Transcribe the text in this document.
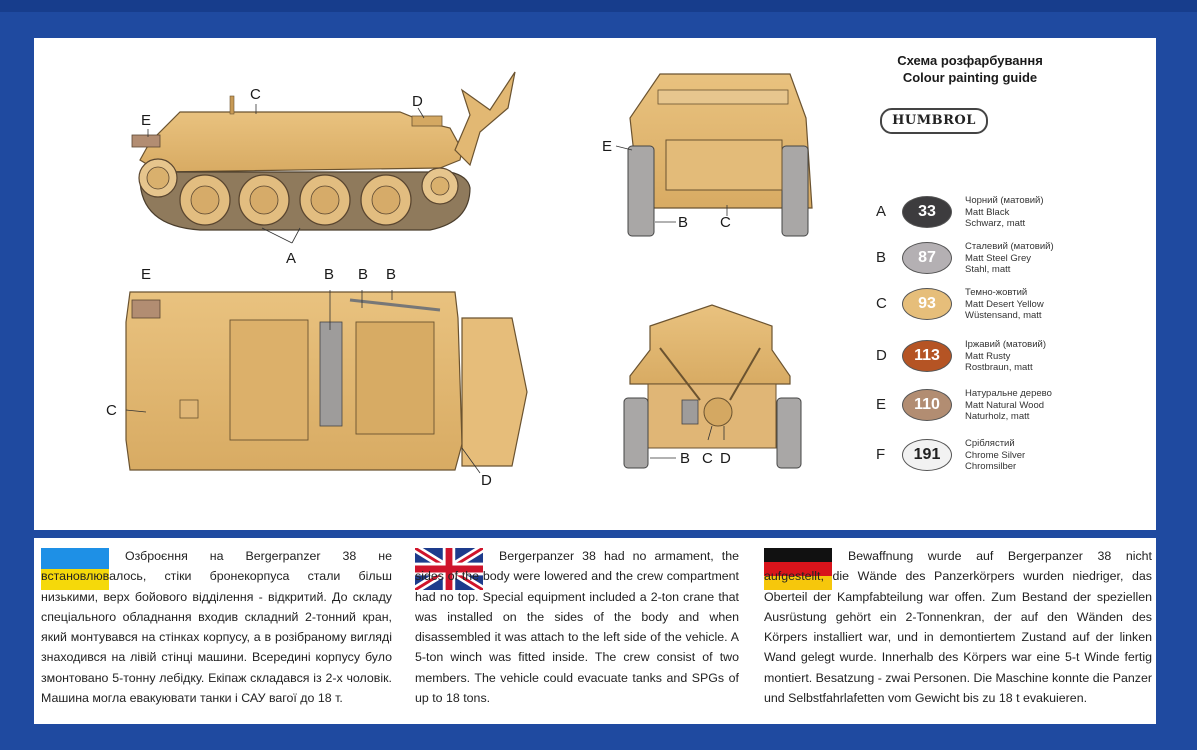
A
C	D
E
E
B C
B B B
E
C
D
B C D
Схема розфарбування
Colour painting guide
HUMBROL
A	33
Чорний (матовий)
Matt Black
Schwarz, matt
B	87
Сталевий (матовий)
Matt Steel Grey
Stahl, matt
C	93
Темно-жовтий
Matt Desert Yellow
Wüstensand, matt
D	113
Іржавий (матовий)
Matt Rusty
Rostbraun, matt
E	110
Натуральне дерево
Matt Natural Wood
Naturholz, matt
F	191
Сріблястий
Chrome Silver
Chromsilber

Озброєння на Bergerpanzer 38 не встановлювалось, стіки бронекорпуса стали більш низькими, верх бойового відділення - відкритий. До складу спеціального обладнання входив складний 2-тонний кран, який монтувався на стінках корпусу, а в розібраному вигляді знаходився на лівій стінці машини. Всередині корпусу було змонтовано 5-тонну лебідку. Екіпаж складався із 2-х чоловік. Машина могла евакуювати танки і САУ вагої до 18 т.

Bergerpanzer 38 had no armament, the sides of the body were lowered and the crew compartment had no top. Special equipment included a 2-ton crane that was installed on the sides of the body and when disassembled it was attach to the left side of the vehicle. A 5-ton winch was fitted inside. The crew consist of two members. The vehicle could evacuate tanks and SPGs of up to 18 tons.

Bewaffnung wurde auf Bergerpanzer 38 nicht aufgestellt, die Wände des Panzerkörpers wurden niedriger, das Oberteil der Kampfabteilung war offen. Zum Bestand der speziellen Ausrüstung gehört ein 2-Tonnenkran, der auf den Wänden des Körpers installiert war, und in demontiertem Zustand auf der linken Wand gelegt wurde. Innerhalb des Körpers war eine 5-t Winde fertig montiert. Besatzung - zwai Personen. Die Maschine konnte die Panzer und Selbstfahrlafetten vom Gewicht bis zu 18 t evakuieren.
